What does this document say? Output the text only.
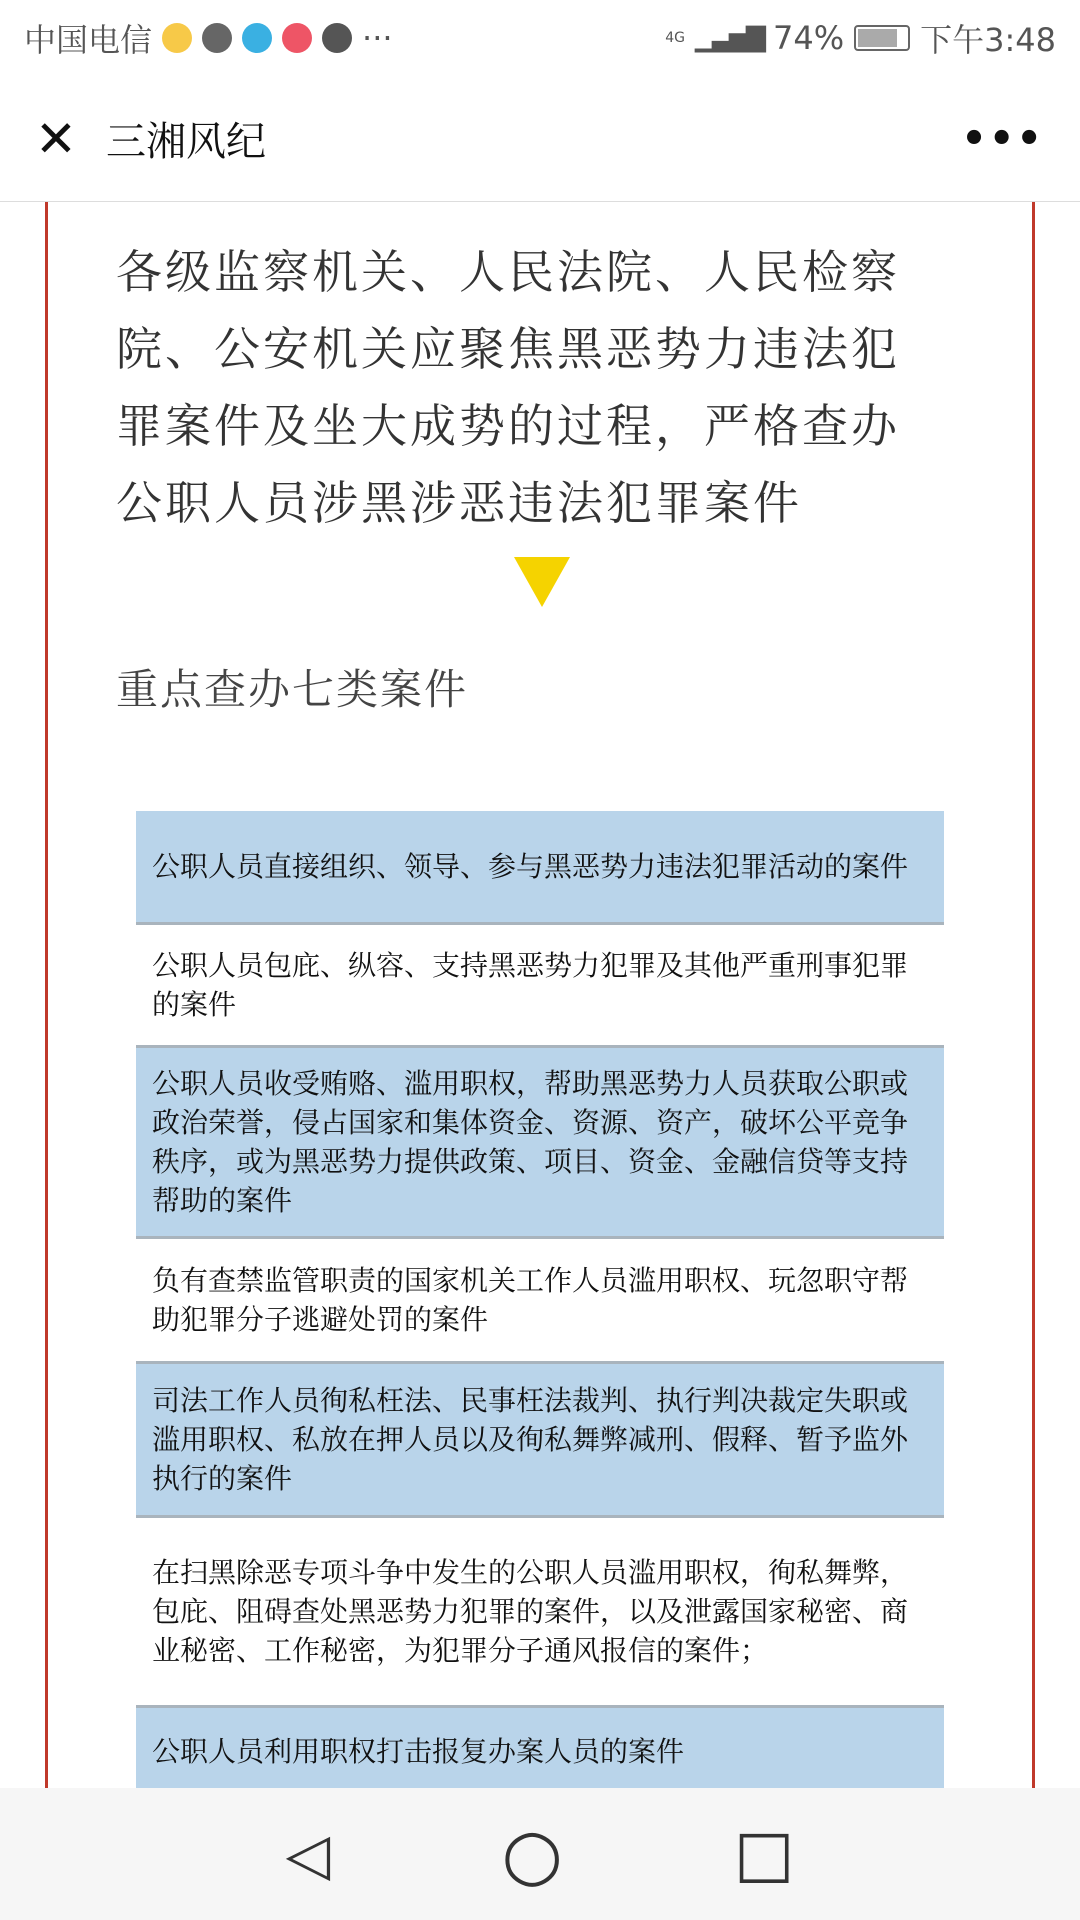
中国电信	···	4G ▁▃▅▇ 74% 下午3:48
✕ 三湘风纪	•••
各级监察机关、人民法院、人民检察院、公安机关应聚焦黑恶势力违法犯罪案件及坐大成势的过程，严格查办公职人员涉黑涉恶违法犯罪案件
重点查办七类案件
公职人员直接组织、领导、参与黑恶势力违法犯罪活动的案件
公职人员包庇、纵容、支持黑恶势力犯罪及其他严重刑事犯罪的案件
公职人员收受贿赂、滥用职权，帮助黑恶势力人员获取公职或政治荣誉，侵占国家和集体资金、资源、资产，破坏公平竞争秩序，或为黑恶势力提供政策、项目、资金、金融信贷等支持帮助的案件
负有查禁监管职责的国家机关工作人员滥用职权、玩忽职守帮助犯罪分子逃避处罚的案件
司法工作人员徇私枉法、民事枉法裁判、执行判决裁定失职或滥用职权、私放在押人员以及徇私舞弊减刑、假释、暂予监外执行的案件
在扫黑除恶专项斗争中发生的公职人员滥用职权，徇私舞弊，包庇、阻碍查处黑恶势力犯罪的案件，以及泄露国家秘密、商业秘密、工作秘密，为犯罪分子通风报信的案件；
公职人员利用职权打击报复办案人员的案件
◁ ○	□
